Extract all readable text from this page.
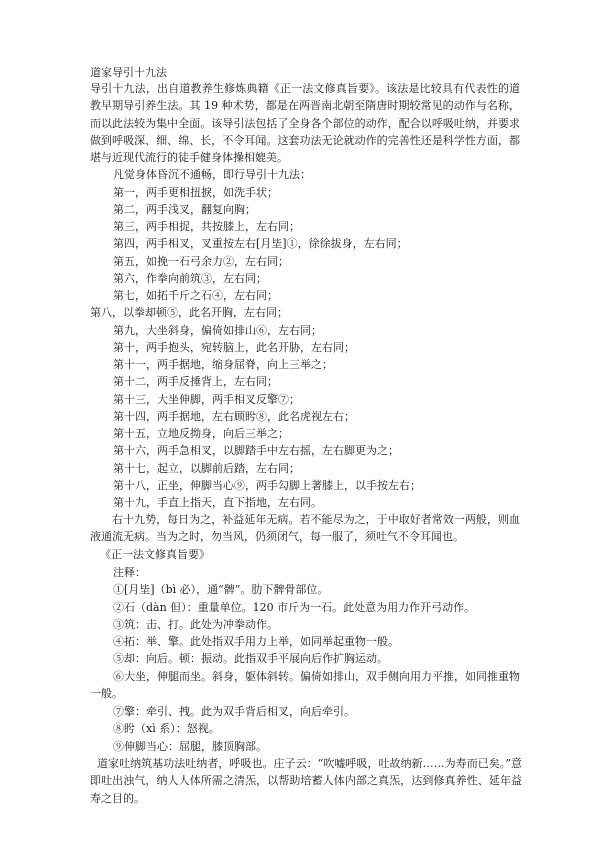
道家导引十九法
导引十九法，出自道教养生修炼典籍《正一法文修真旨要》。该法是比较具有代表性的道教早期导引养生法。其 19 种术势，都是在两晋南北朝至隋唐时期较常见的动作与名称，而以此法较为集中全面。该导引法包括了全身各个部位的动作，配合以呼吸吐纳，并要求做到呼吸深、细、绵、长，不令耳闻。这套功法无论就动作的完善性还是科学性方面，都堪与近现代流行的徒手健身体操相媲美。
凡觉身体昏沉不通畅，即行导引十九法：
第一，两手更相扭捩，如洗手状；
第二，两手浅叉，翻复向胸；
第三，两手相捉，共按膝上，左右同；
第四，两手相叉，叉重按左右[月坒]①，徐徐拔身，左右同；
第五，如挽一石弓余力②，左右同；
第六，作拳向前筑③，左右同；
第七，如拓千斤之石④，左右同；
第八，以拳却顿⑤，此名开胸，左右同；
第九，大坐斜身，偏倚如排山⑥，左右同；
第十，两手抱头，宛转脑上，此名开胁，左右同；
第十一，两手据地，缩身屈脊，向上三举之；
第十二，两手反捶背上，左右同；
第十三，大坐伸脚，两手相叉反擎⑦；
第十四，两手据地，左右顾盻⑧，此名虎视左右；
第十五，立地反拗身，向后三举之；
第十六，两手急相叉，以脚踏手中左右摇，左右脚更为之；
第十七，起立，以脚前后踏，左右同；
第十八，正坐，伸脚当心⑨，两手勾脚上著膝上，以手按左右；
第十九，手直上指天，直下指地，左右同。
右十九势，每日为之，补益延年无病。若不能尽为之，于中取好者常效一两般，则血液通流无病。当为之时，勿当风，仍须闭气，每一服了，须吐气不令耳闻也。
《正一法文修真旨要》
注释：
①[月坒]（bì 必），通“髀”。肋下髀骨部位。
②石（dàn 但）：重量单位。120 市斤为一石。此处意为用力作开弓动作。
③筑：击、打。此处为冲拳动作。
④拓：举、擎。此处指双手用力上举，如同举起重物一般。
⑤却：向后。顿：振动。此指双手平展向后作扩胸运动。
⑥大坐，伸腿而坐。斜身，躯体斜转。偏倚如排山，双手侧向用力平推，如同推重物一般。
⑦擎：牵引、拽。此为双手背后相叉，向后牵引。
⑧盻（xì 系）：怒视。
⑨伸脚当心：屈腿，膝顶胸部。
道家吐纳筑基功法吐纳者，呼吸也。庄子云：“吹嘘呼吸，吐故纳新……为寿而已矣。”意即吐出浊气，纳人人体所需之清炁，以帮助培蓄人体内部之真炁，达到修真养性、延年益寿之目的。
